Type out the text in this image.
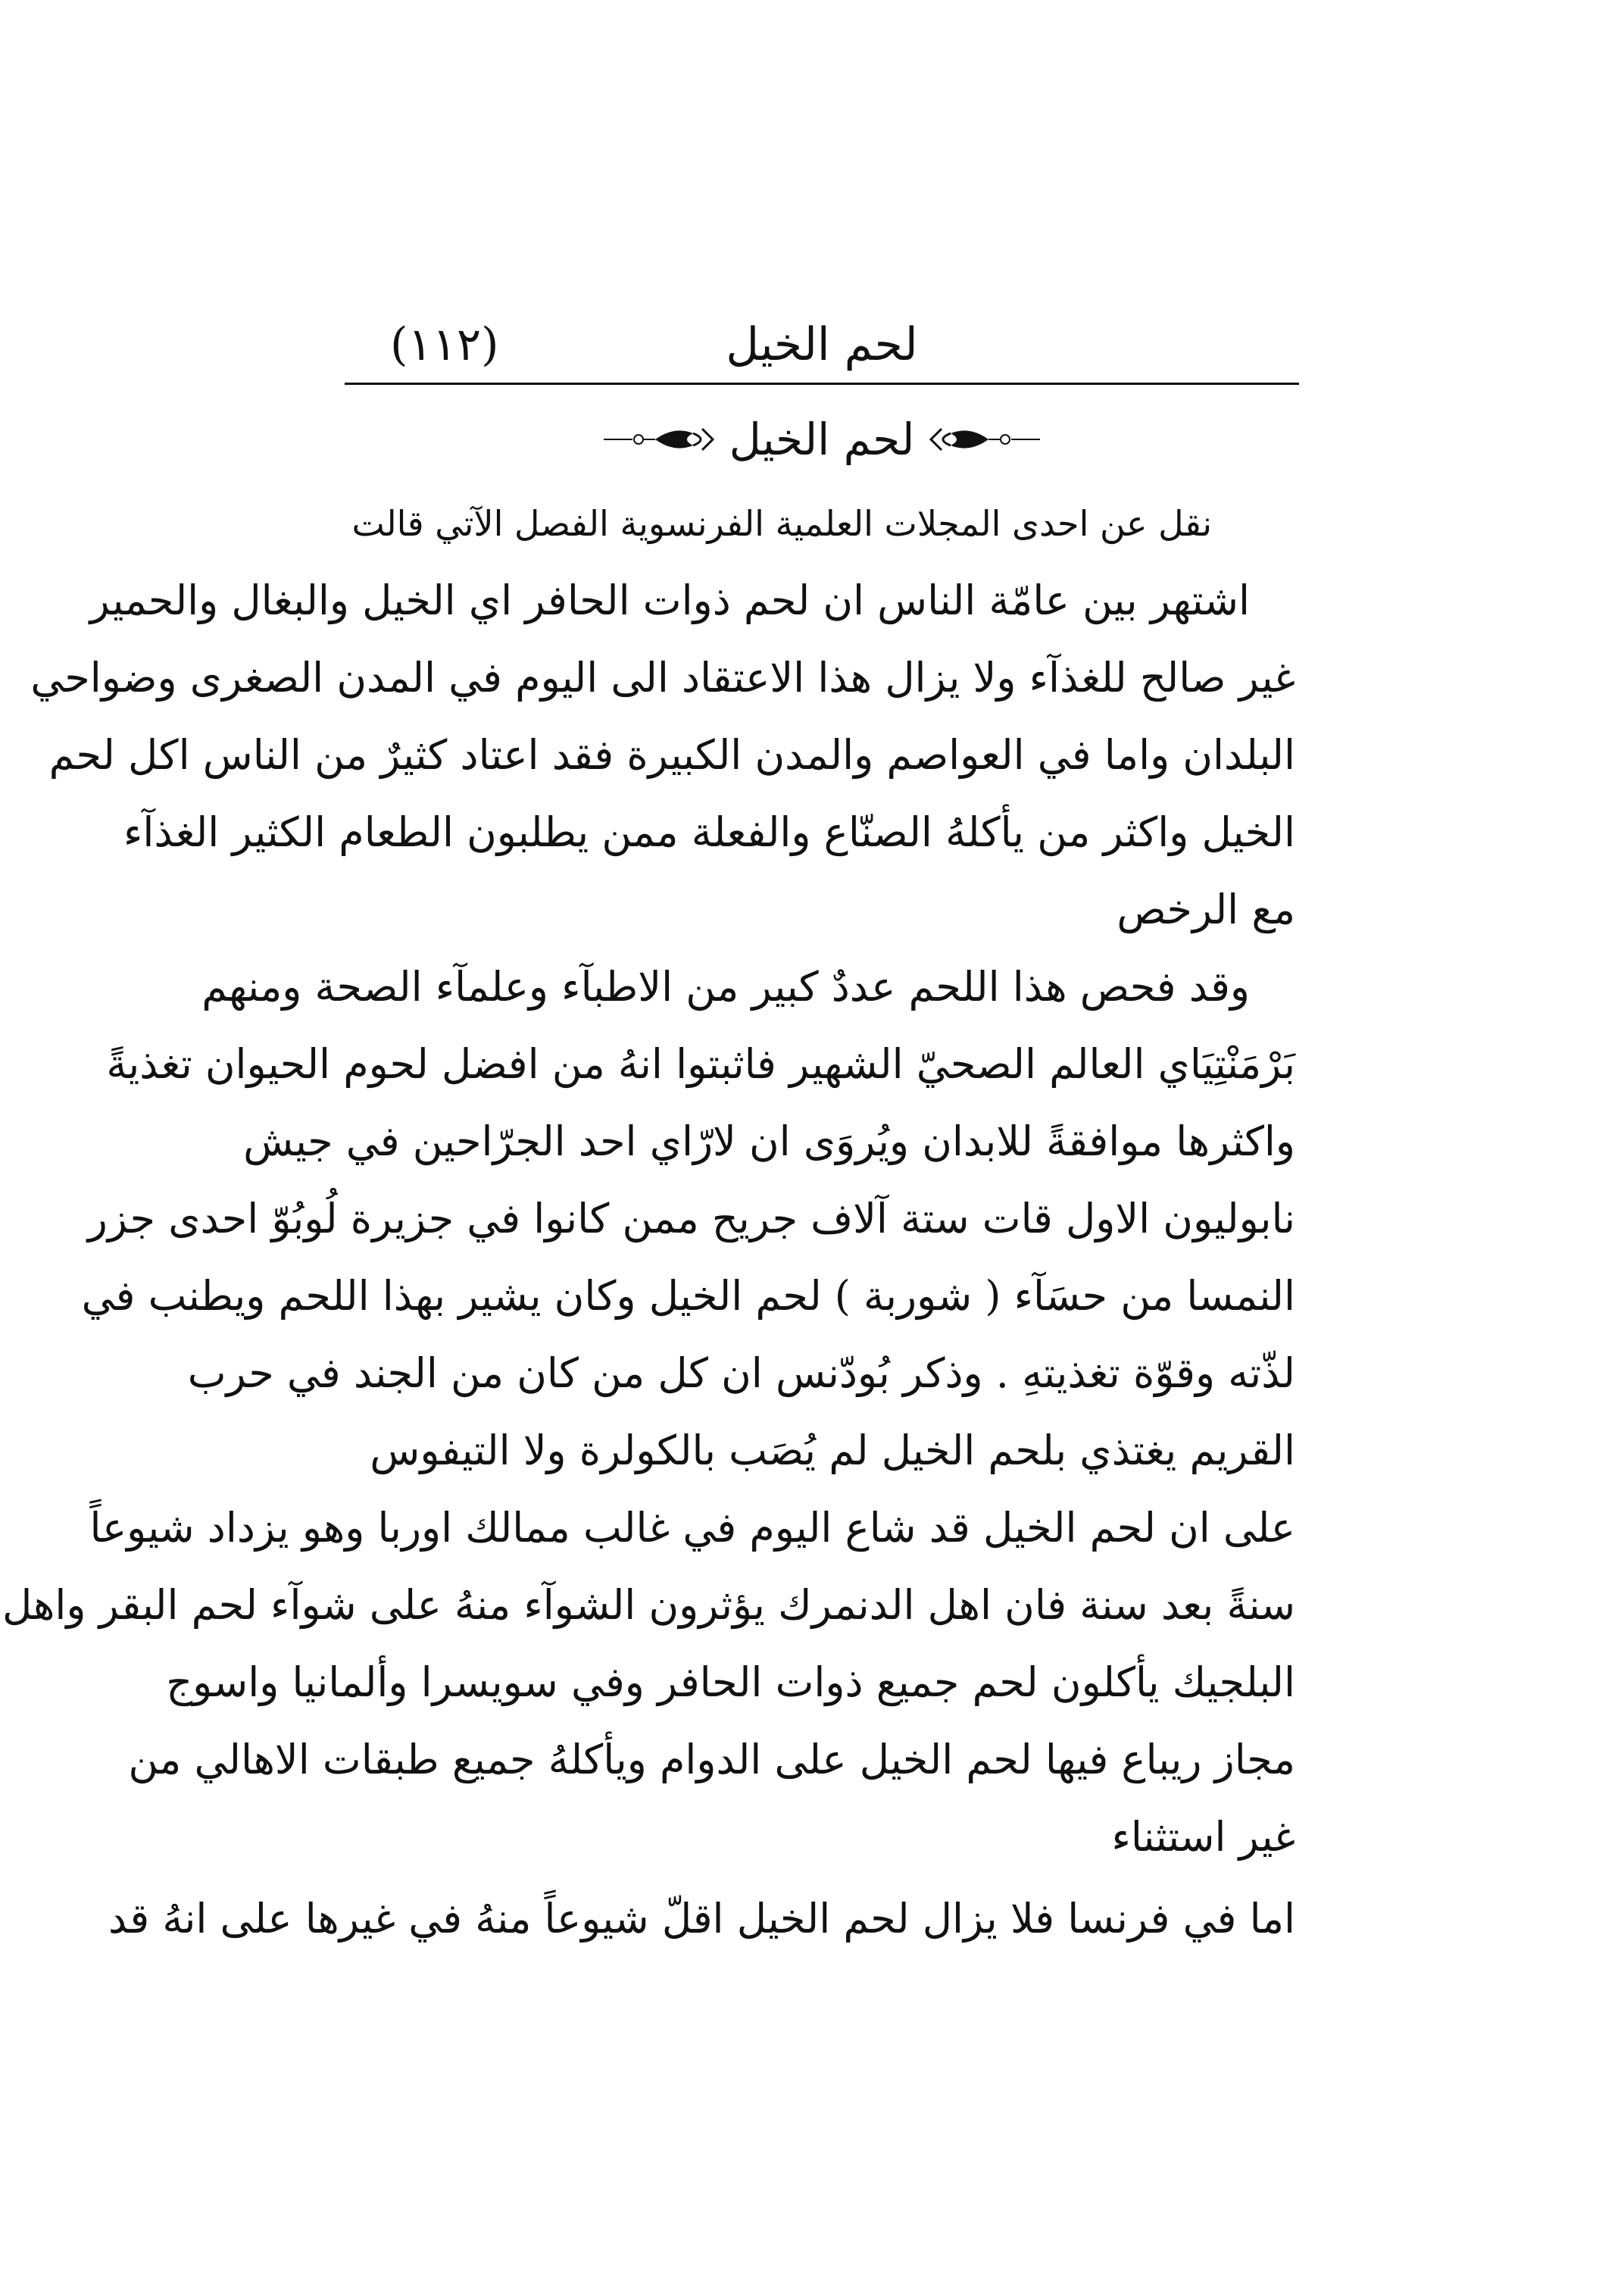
(١١٢)	لحم الخيل
لحم الخيل
نقل عن احدى المجلات العلمية الفرنسوية الفصل الآتي قالت
اشتهر بين عامّة الناس ان لحم ذوات الحافر اي الخيل والبغال والحمير
غير صالح للغذآء ولا يزال هذا الاعتقاد الى اليوم في المدن الصغرى وضواحي
البلدان واما في العواصم والمدن الكبيرة فقد اعتاد كثيرٌ من الناس اكل لحم
الخيل واكثر من يأكلهُ الصنّاع والفعلة ممن يطلبون الطعام الكثير الغذآء
مع الرخص
وقد فحص هذا اللحم عددٌ كبير من الاطبآء وعلمآء الصحة ومنهم
بَرْمَنْتِيَاي العالم الصحيّ الشهير فاثبتوا انهُ من افضل لحوم الحيوان تغذيةً
واكثرها موافقةً للابدان ويُروَى ان لارّاي احد الجرّاحين في جيش
نابوليون الاول قات ستة آلاف جريح ممن كانوا في جزيرة لُوبُوّ احدى جزر
النمسا من حسَآء ( شوربة ) لحم الخيل وكان يشير بهذا اللحم ويطنب في
لذّته وقوّة تغذيتهِ . وذكر بُودّنس ان كل من كان من الجند في حرب
القريم يغتذي بلحم الخيل لم يُصَب بالكولرة ولا التيفوس
على ان لحم الخيل قد شاع اليوم في غالب ممالك اوربا وهو يزداد شيوعاً
سنةً بعد سنة فان اهل الدنمرك يؤثرون الشوآء منهُ على شوآء لحم البقر واهل
البلجيك يأكلون لحم جميع ذوات الحافر وفي سويسرا وألمانيا واسوج
مجاز ريباع فيها لحم الخيل على الدوام ويأكلهُ جميع طبقات الاهالي من
غير استثناء
اما في فرنسا فلا يزال لحم الخيل اقلّ شيوعاً منهُ في غيرها على انهُ قد
